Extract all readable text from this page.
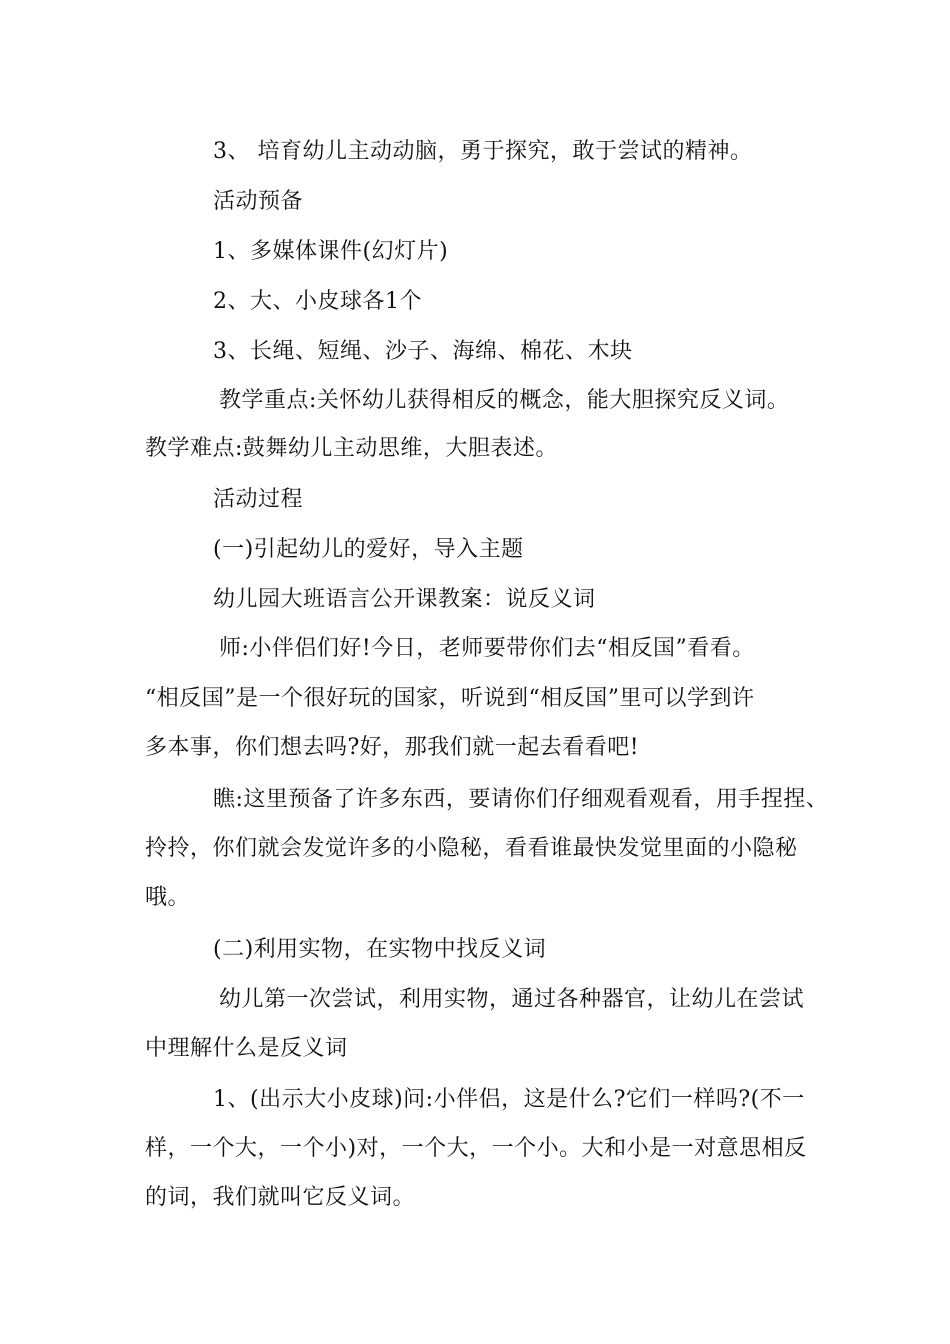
3、 培育幼儿主动动脑，勇于探究，敢于尝试的精神。
活动预备
1、多媒体课件(幻灯片)
2、大、小皮球各1个
3、长绳、短绳、沙子、海绵、棉花、木块
教学重点:关怀幼儿获得相反的概念，能大胆探究反义词。
教学难点:鼓舞幼儿主动思维，大胆表述。
活动过程
(一)引起幼儿的爱好，导入主题
幼儿园大班语言公开课教案：说反义词
师:小伴侣们好!今日，老师要带你们去“相反国”看看。
“相反国”是一个很好玩的国家，听说到“相反国”里可以学到许
多本事，你们想去吗?好，那我们就一起去看看吧!
瞧:这里预备了许多东西，要请你们仔细观看观看，用手捏捏、
拎拎，你们就会发觉许多的小隐秘，看看谁最快发觉里面的小隐秘
哦。
(二)利用实物，在实物中找反义词
幼儿第一次尝试，利用实物，通过各种器官，让幼儿在尝试
中理解什么是反义词
1、(出示大小皮球)问:小伴侣，这是什么?它们一样吗?(不一
样，一个大，一个小)对，一个大，一个小。大和小是一对意思相反
的词，我们就叫它反义词。
